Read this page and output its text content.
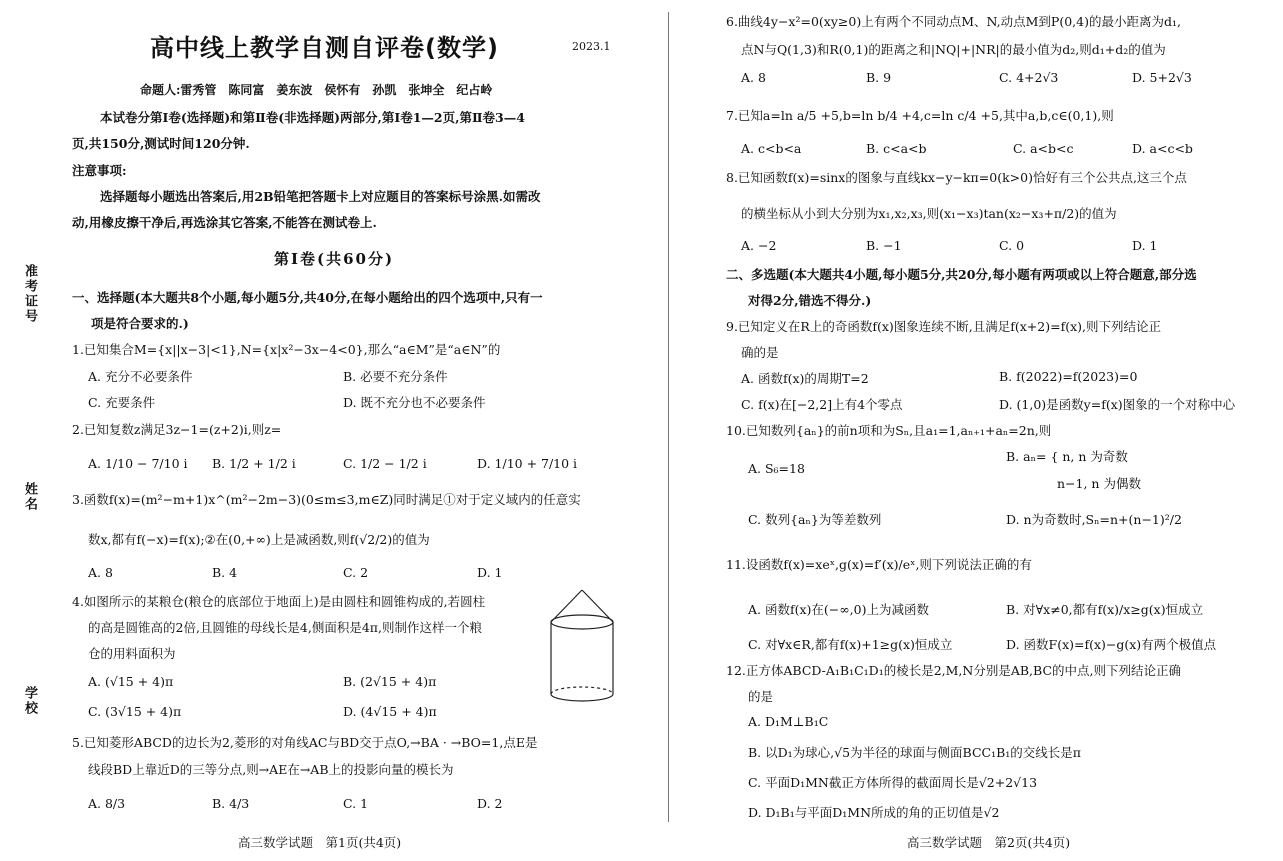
准考证号
姓名
学校
高中线上教学自测自评卷(数学)	2023.1
命题人:雷秀管　陈同富　姜东波　侯怀有　孙凯　张坤全　纪占岭
本试卷分第Ⅰ卷(选择题)和第Ⅱ卷(非选择题)两部分,第Ⅰ卷1—2页,第Ⅱ卷3—4
页,共150分,测试时间120分钟.
注意事项:
选择题每小题选出答案后,用2B铅笔把答题卡上对应题目的答案标号涂黑.如需改
动,用橡皮擦干净后,再选涂其它答案,不能答在测试卷上.
第Ⅰ卷(共60分)
一、选择题(本大题共8个小题,每小题5分,共40分,在每小题给出的四个选项中,只有一
项是符合要求的.)
1.已知集合M={x||x−3|<1},N={x|x²−3x−4<0},那么“a∈M”是“a∈N”的
A. 充分不必要条件	B. 必要不充分条件
C. 充要条件	D. 既不充分也不必要条件
2.已知复数z满足3z−1=(z+2)i,则z=
A. 1/10 − 7/10 i B. 1/2 + 1/2 i	C. 1/2 − 1/2 i	D. 1/10 + 7/10 i
3.函数f(x)=(m²−m+1)x^(m²−2m−3)(0≤m≤3,m∈Z)同时满足①对于定义域内的任意实
数x,都有f(−x)=f(x);②在(0,+∞)上是减函数,则f(√2/2)的值为
A. 8	B. 4	C. 2	D. 1
4.如图所示的某粮仓(粮仓的底部位于地面上)是由圆柱和圆锥构成的,若圆柱
的高是圆锥高的2倍,且圆锥的母线长是4,侧面积是4π,则制作这样一个粮
仓的用料面积为
A. (√15 + 4)π	B. (2√15 + 4)π
C. (3√15 + 4)π	D. (4√15 + 4)π
5.已知菱形ABCD的边长为2,菱形的对角线AC与BD交于点O,→BA · →BO=1,点E是
线段BD上靠近D的三等分点,则→AE在→AB上的投影向量的模长为
A. 8/3	B. 4/3	C. 1	D. 2
高三数学试题　第1页(共4页)
6.曲线4y−x²=0(xy≥0)上有两个不同动点M、N,动点M到P(0,4)的最小距离为d₁,
点N与Q(1,3)和R(0,1)的距离之和|NQ|+|NR|的最小值为d₂,则d₁+d₂的值为
A. 8	B. 9	C. 4+2√3	D. 5+2√3
7.已知a=ln a/5 +5,b=ln b/4 +4,c=ln c/4 +5,其中a,b,c∈(0,1),则
A. c<b<a	B. c<a<b	C. a<b<c	D. a<c<b
8.已知函数f(x)=sinx的图象与直线kx−y−kπ=0(k>0)恰好有三个公共点,这三个点
的横坐标从小到大分别为x₁,x₂,x₃,则(x₁−x₃)tan(x₂−x₃+π/2)的值为
A. −2	B. −1	C. 0	D. 1
二、多选题(本大题共4小题,每小题5分,共20分,每小题有两项或以上符合题意,部分选
对得2分,错选不得分.)
9.已知定义在R上的奇函数f(x)图象连续不断,且满足f(x+2)=f(x),则下列结论正
确的是
A. 函数f(x)的周期T=2	B. f(2022)=f(2023)=0
C. f(x)在[−2,2]上有4个零点	D. (1,0)是函数y=f(x)图象的一个对称中心
10.已知数列{aₙ}的前n项和为Sₙ,且a₁=1,aₙ₊₁+aₙ=2n,则
A. S₆=18
B. aₙ= { n, n 为奇数
n−1, n 为偶数
C. 数列{aₙ}为等差数列	D. n为奇数时,Sₙ=n+(n−1)²/2
11.设函数f(x)=xeˣ,g(x)=f′(x)/eˣ,则下列说法正确的有
A. 函数f(x)在(−∞,0)上为减函数	B. 对∀x≠0,都有f(x)/x≥g(x)恒成立
C. 对∀x∈R,都有f(x)+1≥g(x)恒成立	D. 函数F(x)=f(x)−g(x)有两个极值点
12.正方体ABCD-A₁B₁C₁D₁的棱长是2,M,N分别是AB,BC的中点,则下列结论正确
的是
A. D₁M⊥B₁C
B. 以D₁为球心,√5为半径的球面与侧面BCC₁B₁的交线长是π
C. 平面D₁MN截正方体所得的截面周长是√2+2√13
D. D₁B₁与平面D₁MN所成的角的正切值是√2
高三数学试题　第2页(共4页)
